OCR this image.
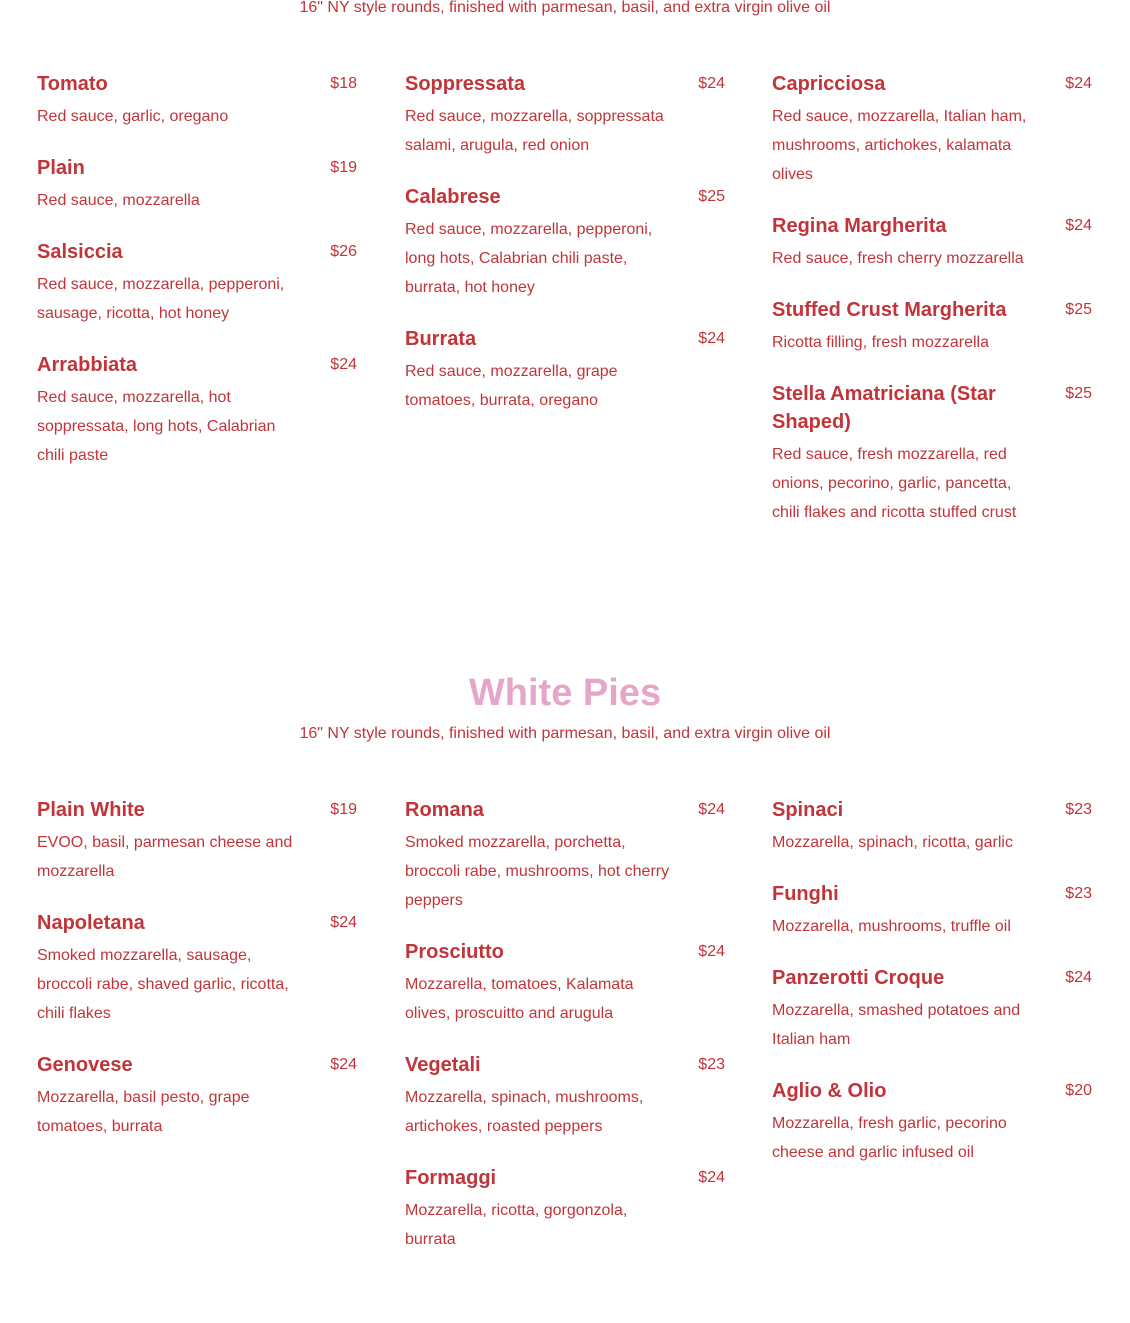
16" NY style rounds, finished with parmesan, basil, and extra virgin olive oil
Tomato	$18
Red sauce, garlic, oregano
Plain	$19
Red sauce, mozzarella
Salsiccia	$26
Red sauce, mozzarella, pepperoni, sausage, ricotta, hot honey
Arrabbiata	$24
Red sauce, mozzarella, hot soppressata, long hots, Calabrian chili paste
Soppressata	$24
Red sauce, mozzarella, soppressata salami, arugula, red onion
Calabrese	$25
Red sauce, mozzarella, pepperoni, long hots, Calabrian chili paste, burrata, hot honey
Burrata	$24
Red sauce, mozzarella, grape tomatoes, burrata, oregano
Capricciosa	$24
Red sauce, mozzarella, Italian ham, mushrooms, artichokes, kalamata olives
Regina Margherita	$24
Red sauce, fresh cherry mozzarella
Stuffed Crust Margherita	$25
Ricotta filling, fresh mozzarella
Stella Amatriciana (Star Shaped)
$25
Red sauce, fresh mozzarella, red onions, pecorino, garlic, pancetta, chili flakes and ricotta stuffed crust
White Pies
16" NY style rounds, finished with parmesan, basil, and extra virgin olive oil
Plain White	$19
EVOO, basil, parmesan cheese and mozzarella
Napoletana	$24
Smoked mozzarella, sausage, broccoli rabe, shaved garlic, ricotta, chili flakes
Genovese	$24
Mozzarella, basil pesto, grape tomatoes, burrata
Romana	$24
Smoked mozzarella, porchetta, broccoli rabe, mushrooms, hot cherry peppers
Prosciutto	$24
Mozzarella, tomatoes, Kalamata olives, proscuitto and arugula
Vegetali	$23
Mozzarella, spinach, mushrooms, artichokes, roasted peppers
Formaggi	$24
Mozzarella, ricotta, gorgonzola, burrata
Spinaci	$23
Mozzarella, spinach, ricotta, garlic
Funghi	$23
Mozzarella, mushrooms, truffle oil
Panzerotti Croque	$24
Mozzarella, smashed potatoes and Italian ham
Aglio & Olio	$20
Mozzarella, fresh garlic, pecorino cheese and garlic infused oil
